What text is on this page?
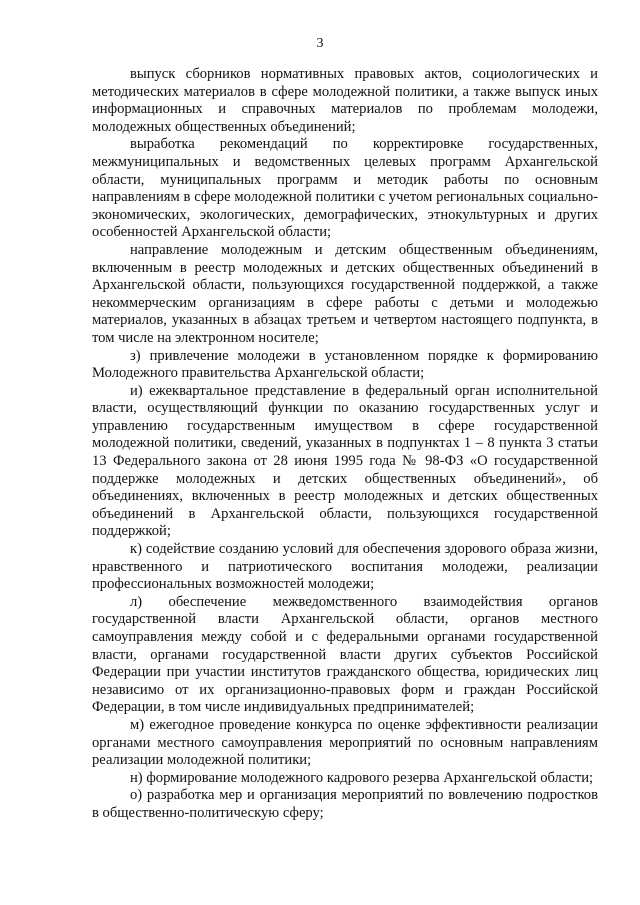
3

выпуск сборников нормативных правовых актов, социологических и методических материалов в сфере молодежной политики, а также выпуск иных информационных и справочных материалов по проблемам молодежи, молодежных общественных объединений;

выработка рекомендаций по корректировке государственных, межмуниципальных и ведомственных целевых программ Архангельской области, муниципальных программ и методик работы по основным направлениям в сфере молодежной политики с учетом региональных социально-экономических, экологических, демографических, этнокультурных и других особенностей Архангельской области;

направление молодежным и детским общественным объединениям, включенным в реестр молодежных и детских общественных объединений в Архангельской области, пользующихся государственной поддержкой, а также некоммерческим организациям в сфере работы с детьми и молодежью материалов, указанных в абзацах третьем и четвертом настоящего подпункта, в том числе на электронном носителе;

з) привлечение молодежи в установленном порядке к формированию Молодежного правительства Архангельской области;

и) ежеквартальное представление в федеральный орган исполнительной власти, осуществляющий функции по оказанию государственных услуг и управлению государственным имуществом в сфере государственной молодежной политики, сведений, указанных в подпунктах 1 – 8 пункта 3 статьи 13 Федерального закона от 28 июня 1995 года № 98-ФЗ «О государственной поддержке молодежных и детских общественных объединений», об объединениях, включенных в реестр молодежных и детских общественных объединений в Архангельской области, пользующихся государственной поддержкой;

к) содействие созданию условий для обеспечения здорового образа жизни, нравственного и патриотического воспитания молодежи, реализации профессиональных возможностей молодежи;

л) обеспечение межведомственного взаимодействия органов государственной власти Архангельской области, органов местного самоуправления между собой и с федеральными органами государственной власти, органами государственной власти других субъектов Российской Федерации при участии институтов гражданского общества, юридических лиц независимо от их организационно-правовых форм и граждан Российской Федерации, в том числе индивидуальных предпринимателей;

м) ежегодное проведение конкурса по оценке эффективности реализации органами местного самоуправления мероприятий по основным направлениям реализации молодежной политики;

н) формирование молодежного кадрового резерва Архангельской области;

о) разработка мер и организация мероприятий по вовлечению подростков в общественно-политическую сферу;
